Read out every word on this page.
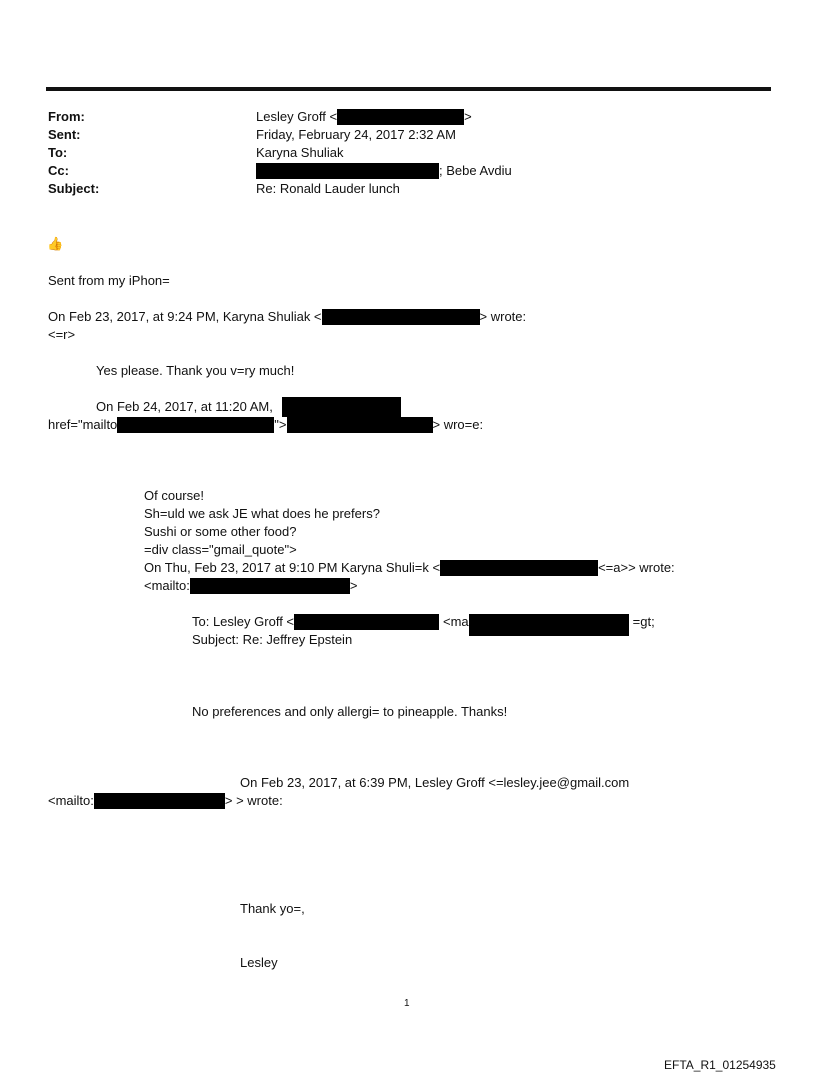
From:	Lesley Groff <	>
Sent:	Friday, February 24, 2017 2:32 AM
To:	Karyna Shuliak
Cc:	; Bebe Avdiu
Subject:	Re: Ronald Lauder lunch
👍
Sent from my iPhon=
On Feb 23, 2017, at 9:24 PM, Karyna Shuliak <	> wrote:
<=r>
Yes please. Thank you v=ry much!
On Feb 24, 2017, at 11:20 AM,
href="mailto	">	> wro=e:
Of course!
Sh=uld we ask JE what does he prefers?
Sushi or some other food?
=div class="gmail_quote">
On Thu, Feb 23, 2017 at 9:10 PM Karyna Shuli=k <	<=a>> wrote:
<mailto:	>
To: Lesley Groff <	<ma	=gt;
Subject: Re: Jeffrey Epstein
No preferences and only allergi= to pineapple. Thanks!
On Feb 23, 2017, at 6:39 PM, Lesley Groff <=lesley.jee@gmail.com
<mailto:	> > wrote:
Thank yo=,
Lesley
1
EFTA_R1_01254935
